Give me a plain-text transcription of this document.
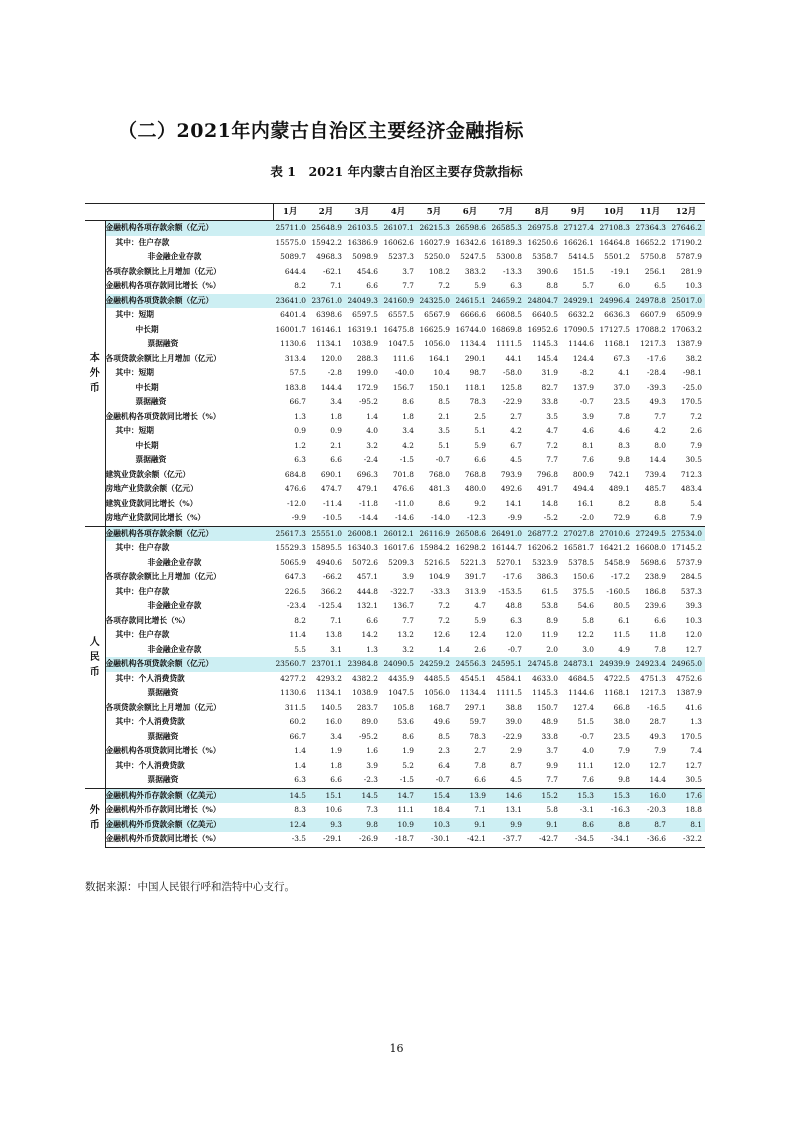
（二）2021年内蒙古自治区主要经济金融指标
表 1　2021 年内蒙古自治区主要存贷款指标
		1月	2月	3月	4月	5月	6月	7月	8月	9月	10月	11月	12月

本
外
币	金融机构各项存款余额（亿元）	25711.0	25648.9	26103.5	26107.1	26215.3	26598.6	26585.3	26975.8	27127.4	27108.3	27364.3	27646.2
	其中：住户存款	15575.0	15942.2	16386.9	16062.6	16027.9	16342.6	16189.3	16250.6	16626.1	16464.8	16652.2	17190.2
	非金融企业存款	5089.7	4968.3	5098.9	5237.3	5250.0	5247.5	5300.8	5358.7	5414.5	5501.2	5750.8	5787.9
	各项存款余额比上月增加（亿元）	644.4	-62.1	454.6	3.7	108.2	383.2	-13.3	390.6	151.5	-19.1	256.1	281.9
	金融机构各项存款同比增长（%）	8.2	7.1	6.6	7.7	7.2	5.9	6.3	8.8	5.7	6.0	6.5	10.3
	金融机构各项贷款余额（亿元）	23641.0	23761.0	24049.3	24160.9	24325.0	24615.1	24659.2	24804.7	24929.1	24996.4	24978.8	25017.0
	其中：短期	6401.4	6398.6	6597.5	6557.5	6567.9	6666.6	6608.5	6640.5	6632.2	6636.3	6607.9	6509.9
	中长期	16001.7	16146.1	16319.1	16475.8	16625.9	16744.0	16869.8	16952.6	17090.5	17127.5	17088.2	17063.2
	票据融资	1130.6	1134.1	1038.9	1047.5	1056.0	1134.4	1111.5	1145.3	1144.6	1168.1	1217.3	1387.9
	各项贷款余额比上月增加（亿元）	313.4	120.0	288.3	111.6	164.1	290.1	44.1	145.4	124.4	67.3	-17.6	38.2
	其中：短期	57.5	-2.8	199.0	-40.0	10.4	98.7	-58.0	31.9	-8.2	4.1	-28.4	-98.1
	中长期	183.8	144.4	172.9	156.7	150.1	118.1	125.8	82.7	137.9	37.0	-39.3	-25.0
	票据融资	66.7	3.4	-95.2	8.6	8.5	78.3	-22.9	33.8	-0.7	23.5	49.3	170.5
	金融机构各项贷款同比增长（%）	1.3	1.8	1.4	1.8	2.1	2.5	2.7	3.5	3.9	7.8	7.7	7.2
	其中：短期	0.9	0.9	4.0	3.4	3.5	5.1	4.2	4.7	4.6	4.6	4.2	2.6
	中长期	1.2	2.1	3.2	4.2	5.1	5.9	6.7	7.2	8.1	8.3	8.0	7.9
	票据融资	6.3	6.6	-2.4	-1.5	-0.7	6.6	4.5	7.7	7.6	9.8	14.4	30.5
	建筑业贷款余额（亿元）	684.8	690.1	696.3	701.8	768.0	768.8	793.9	796.8	800.9	742.1	739.4	712.3
	房地产业贷款余额（亿元）	476.6	474.7	479.1	476.6	481.3	480.0	492.6	491.7	494.4	489.1	485.7	483.4
	建筑业贷款同比增长（%）	-12.0	-11.4	-11.8	-11.0	8.6	9.2	14.1	14.8	16.1	8.2	8.8	5.4
	房地产业贷款同比增长（%）	-9.9	-10.5	-14.4	-14.6	-14.0	-12.3	-9.9	-5.2	-2.0	72.9	6.8	7.9

人
民
币	金融机构各项存款余额（亿元）	25617.3	25551.0	26008.1	26012.1	26116.9	26508.6	26491.0	26877.2	27027.8	27010.6	27249.5	27534.0
	其中：住户存款	15529.3	15895.5	16340.3	16017.6	15984.2	16298.2	16144.7	16206.2	16581.7	16421.2	16608.0	17145.2
	非金融企业存款	5065.9	4940.6	5072.6	5209.3	5216.5	5221.3	5270.1	5323.9	5378.5	5458.9	5698.6	5737.9
	各项存款余额比上月增加（亿元）	647.3	-66.2	457.1	3.9	104.9	391.7	-17.6	386.3	150.6	-17.2	238.9	284.5
	其中：住户存款	226.5	366.2	444.8	-322.7	-33.3	313.9	-153.5	61.5	375.5	-160.5	186.8	537.3
	非金融企业存款	-23.4	-125.4	132.1	136.7	7.2	4.7	48.8	53.8	54.6	80.5	239.6	39.3
	各项存款同比增长（%）	8.2	7.1	6.6	7.7	7.2	5.9	6.3	8.9	5.8	6.1	6.6	10.3
	其中：住户存款	11.4	13.8	14.2	13.2	12.6	12.4	12.0	11.9	12.2	11.5	11.8	12.0
	非金融企业存款	5.5	3.1	1.3	3.2	1.4	2.6	-0.7	2.0	3.0	4.9	7.8	12.7
	金融机构各项贷款余额（亿元）	23560.7	23701.1	23984.8	24090.5	24259.2	24556.3	24595.1	24745.8	24873.1	24939.9	24923.4	24965.0
	其中：个人消费贷款	4277.2	4293.2	4382.2	4435.9	4485.5	4545.1	4584.1	4633.0	4684.5	4722.5	4751.3	4752.6
	票据融资	1130.6	1134.1	1038.9	1047.5	1056.0	1134.4	1111.5	1145.3	1144.6	1168.1	1217.3	1387.9
	各项贷款余额比上月增加（亿元）	311.5	140.5	283.7	105.8	168.7	297.1	38.8	150.7	127.4	66.8	-16.5	41.6
	其中：个人消费贷款	60.2	16.0	89.0	53.6	49.6	59.7	39.0	48.9	51.5	38.0	28.7	1.3
	票据融资	66.7	3.4	-95.2	8.6	8.5	78.3	-22.9	33.8	-0.7	23.5	49.3	170.5
	金融机构各项贷款同比增长（%）	1.4	1.9	1.6	1.9	2.3	2.7	2.9	3.7	4.0	7.9	7.9	7.4
	其中：个人消费贷款	1.4	1.8	3.9	5.2	6.4	7.8	8.7	9.9	11.1	12.0	12.7	12.7
	票据融资	6.3	6.6	-2.3	-1.5	-0.7	6.6	4.5	7.7	7.6	9.8	14.4	30.5

外
币	金融机构外币存款余额（亿美元）	14.5	15.1	14.5	14.7	15.4	13.9	14.6	15.2	15.3	15.3	16.0	17.6
	金融机构外币存款同比增长（%）	8.3	10.6	7.3	11.1	18.4	7.1	13.1	5.8	-3.1	-16.3	-20.3	18.8
	金融机构外币贷款余额（亿美元）	12.4	9.3	9.8	10.9	10.3	9.1	9.9	9.1	8.6	8.8	8.7	8.1
	金融机构外币贷款同比增长（%）	-3.5	-29.1	-26.9	-18.7	-30.1	-42.1	-37.7	-42.7	-34.5	-34.1	-36.6	-32.2
数据来源：中国人民银行呼和浩特中心支行。
16
